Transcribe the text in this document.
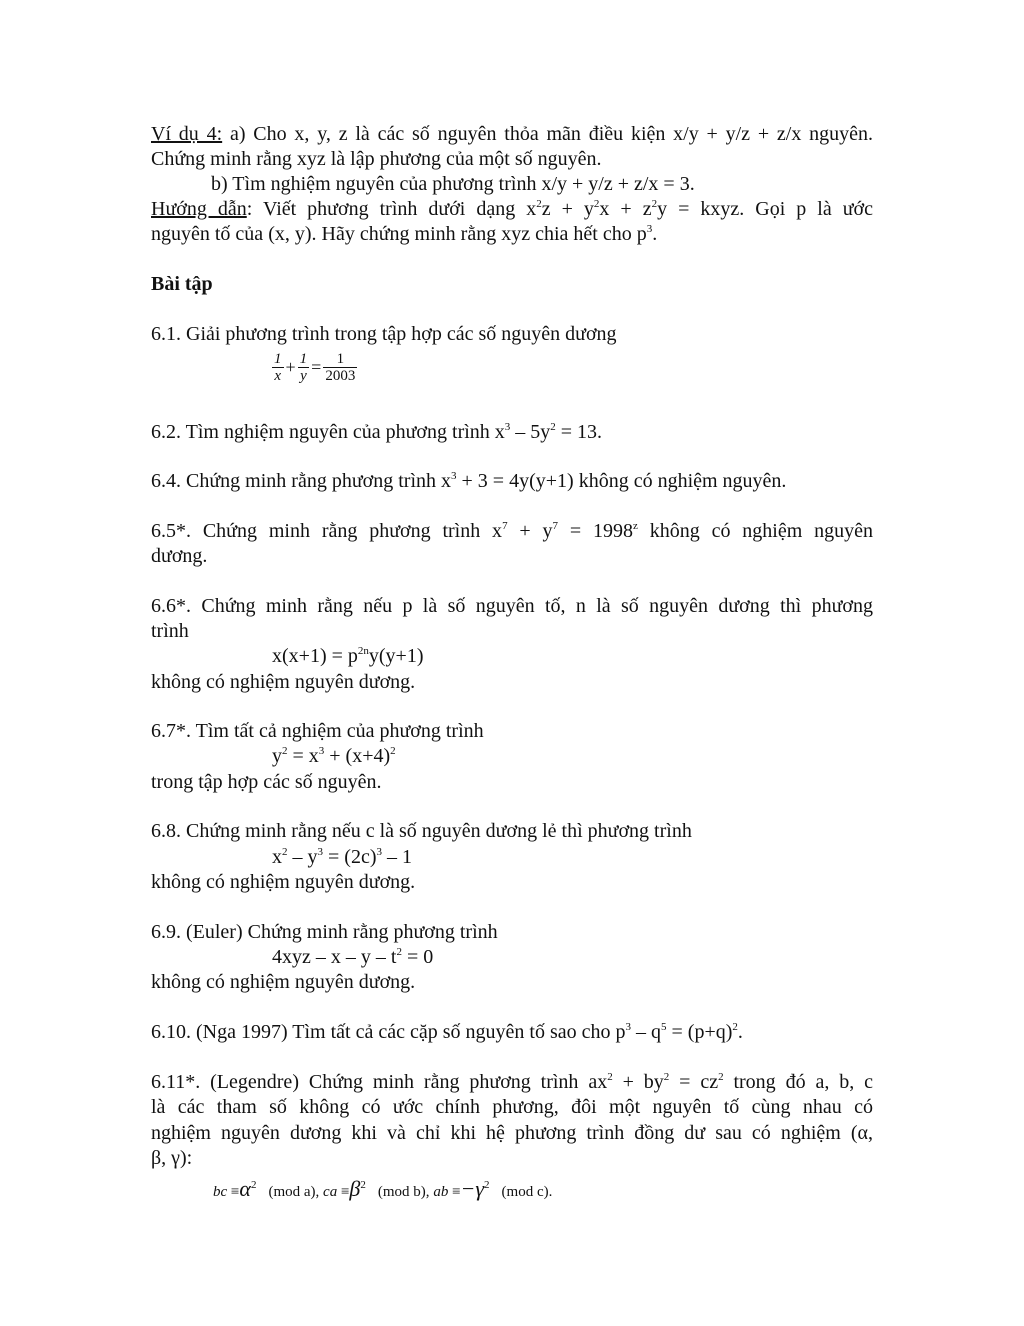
Ví dụ 4: a) Cho x, y, z là các số nguyên thỏa mãn điều kiện x/y + y/z + z/x nguyên.
Chứng minh rằng xyz là lập phương của một số nguyên.
b) Tìm nghiệm nguyên của phương trình x/y + y/z + z/x = 3.
Hướng dẫn: Viết phương trình dưới dạng $x^2z + y^2x + z^2y$ = kxyz. Gọi p là ước
nguyên tố của (x, y). Hãy chứng minh rằng xyz chia hết cho $p^3$.
Bài tập
6.1. Giải phương trình trong tập hợp các số nguyên dương
$\frac{1}{x} + \frac{1}{y} = \frac{1}{2003}$
6.2. Tìm nghiệm nguyên của phương trình $x^3 - 5y^2 = 13$.
6.4. Chứng minh rằng phương trình $x^3 + 3 = 4y(y+1)$ không có nghiệm nguyên.
6.5*. Chứng minh rằng phương trình $x^7 + y^7 = 1998^z$ không có nghiệm nguyên
dương.
6.6*. Chứng minh rằng nếu p là số nguyên tố, n là số nguyên dương thì phương
trình
$x(x+1) = p^{2n}y(y+1)$
không có nghiệm nguyên dương.
6.7*. Tìm tất cả nghiệm của phương trình
$y^2 = x^3 + (x+4)^2$
trong tập hợp các số nguyên.
6.8. Chứng minh rằng nếu c là số nguyên dương lẻ thì phương trình
$x^2 - y^3 = (2c)^3 - 1$
không có nghiệm nguyên dương.
6.9. (Euler) Chứng minh rằng phương trình
$4xyz - x - y - t^2 = 0$
không có nghiệm nguyên dương.
6.10. (Nga 1997) Tìm tất cả các cặp số nguyên tố sao cho $p^3 - q^5 = (p+q)^2$.
6.11*. (Legendre) Chứng minh rằng phương trình $ax^2 + by^2 = cz^2$ trong đó a, b, c
là các tham số không có ước chính phương, đôi một nguyên tố cùng nhau có
nghiệm nguyên dương khi và chỉ khi hệ phương trình đồng dư sau có nghiệm (α,
β, γ):
bc $\equiv\alpha^2$ (mod a), ca $\equiv\beta^2$ (mod b), ab $\equiv-\gamma^2$ (mod c).
